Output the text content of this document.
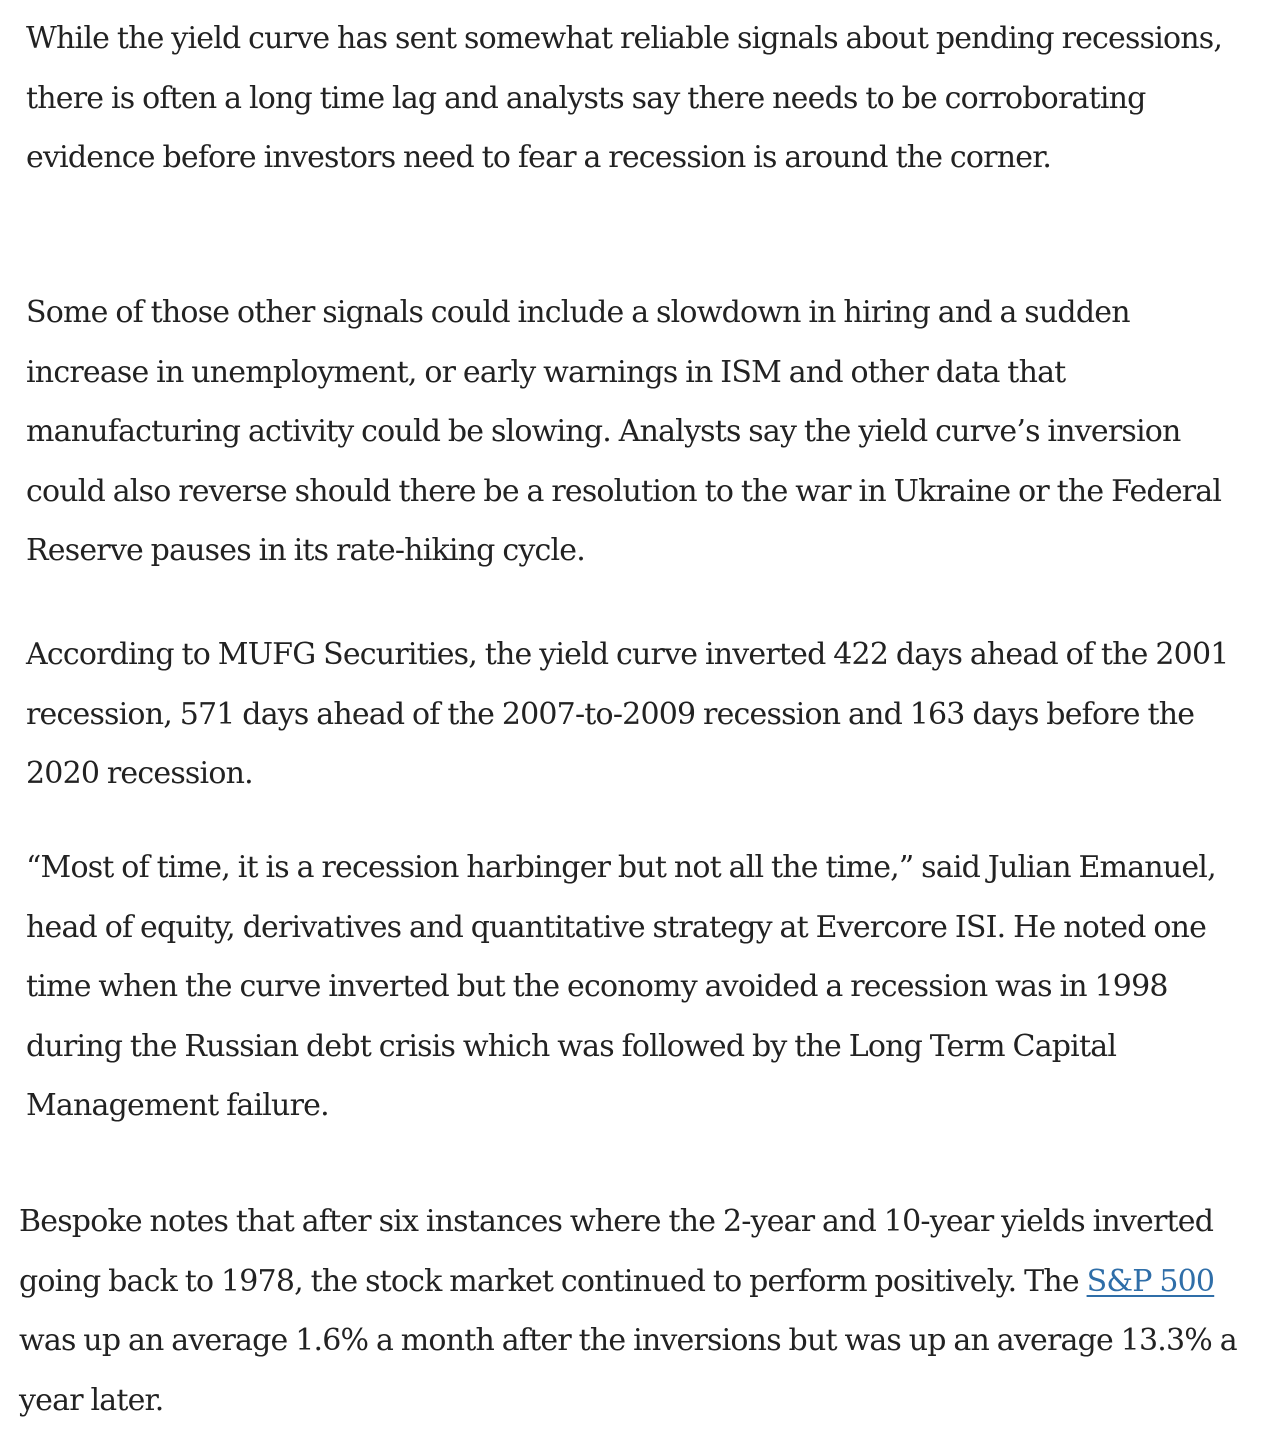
While the yield curve has sent somewhat reliable signals about pending recessions, there is often a long time lag and analysts say there needs to be corroborating evidence before investors need to fear a recession is around the corner.

Some of those other signals could include a slowdown in hiring and a sudden increase in unemployment, or early warnings in ISM and other data that manufacturing activity could be slowing. Analysts say the yield curve’s inversion could also reverse should there be a resolution to the war in Ukraine or the Federal Reserve pauses in its rate-hiking cycle.

According to MUFG Securities, the yield curve inverted 422 days ahead of the 2001 recession, 571 days ahead of the 2007-to-2009 recession and 163 days before the 2020 recession.

“Most of time, it is a recession harbinger but not all the time,” said Julian Emanuel, head of equity, derivatives and quantitative strategy at Evercore ISI. He noted one time when the curve inverted but the economy avoided a recession was in 1998 during the Russian debt crisis which was followed by the Long Term Capital Management failure.

Bespoke notes that after six instances where the 2-year and 10-year yields inverted going back to 1978, the stock market continued to perform positively. The S&P 500 was up an average 1.6% a month after the inversions but was up an average 13.3% a year later.
